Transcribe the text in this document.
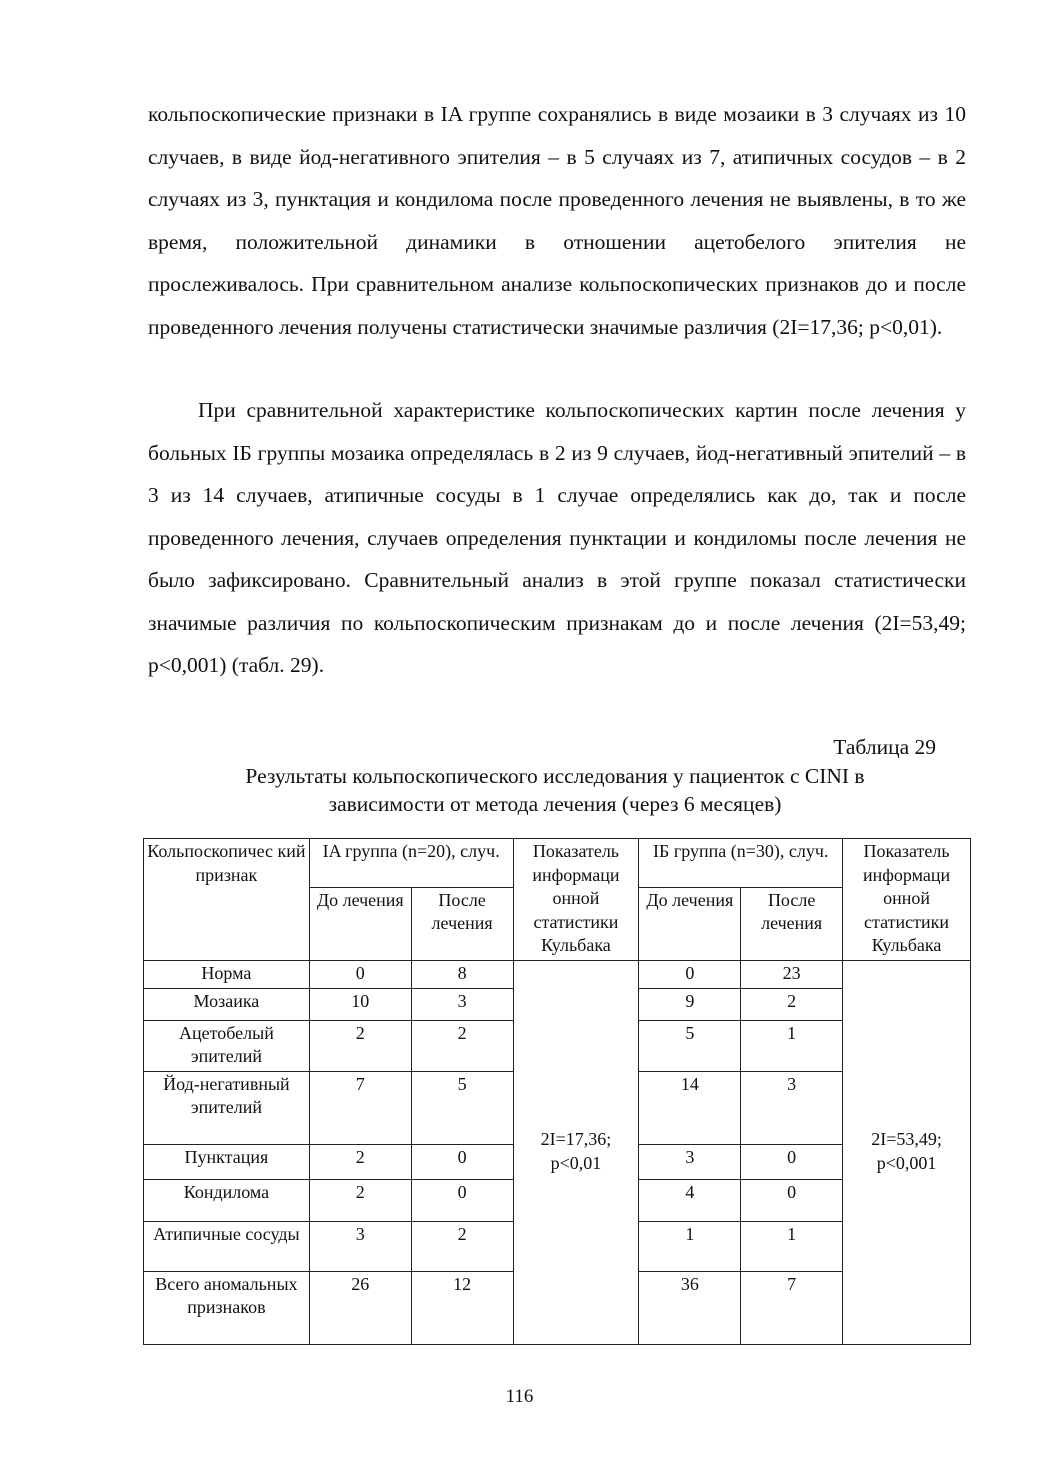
кольпоскопические признаки в IA группе сохранялись в виде мозаики в 3 случаях из 10 случаев, в виде йод-негативного эпителия – в 5 случаях из 7, атипичных сосудов – в 2 случаях из 3, пунктация и кондилома после проведенного лечения не выявлены, в то же время, положительной динамики в отношении ацетобелого эпителия не прослеживалось. При сравнительном анализе кольпоскопических признаков до и после проведенного лечения получены статистически значимые различия (2I=17,36; p<0,01).

При сравнительной характеристике кольпоскопических картин после лечения у больных IБ группы мозаика определялась в 2 из 9 случаев, йод-негативный эпителий – в 3 из 14 случаев, атипичные сосуды в 1 случае определялись как до, так и после проведенного лечения, случаев определения пунктации и кондиломы после лечения не было зафиксировано. Сравнительный анализ в этой группе показал статистически значимые различия по кольпоскопическим признакам до и после лечения (2I=53,49; p<0,001) (табл. 29).

Таблица 29
Результаты кольпоскопического исследования у пациенток с CINI в
зависимости от метода лечения (через 6 месяцев)
Кольпоскопичес кий признак	IA группа (n=20), случ.		Показатель информаци онной статистики Кульбака	IБ группа (n=30), случ.		Показатель информаци онной статистики Кульбака
	До лечения	После лечения		До лечения	После лечения	
Норма	0	8	2I=17,36; p<0,01	0	23	2I=53,49; p<0,001
Мозаика	10	3		9	2	
Ацетобелый эпителий	2	2		5	1	
Йод-негативный эпителий	7	5		14	3	
Пунктация	2	0		3	0	
Кондилома	2	0		4	0	
Атипичные сосуды	3	2		1	1	
Всего аномальных признаков	26	12		36	7	
116
